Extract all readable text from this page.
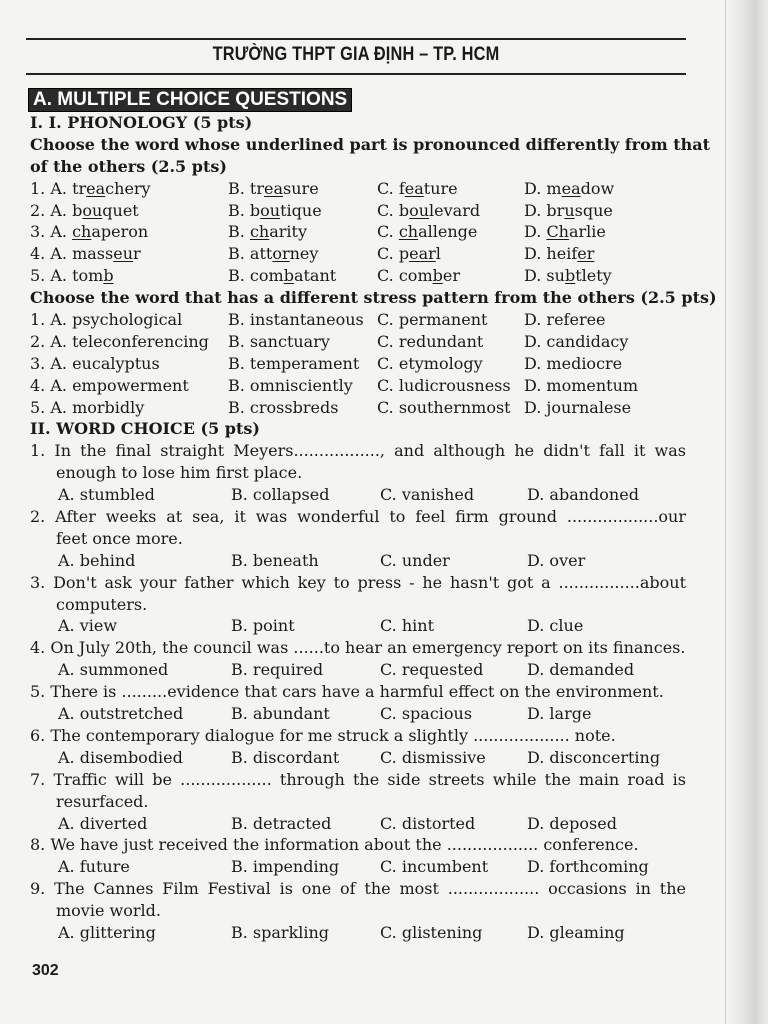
TRƯỜNG THPT GIA ĐỊNH – TP. HCM
A. MULTIPLE CHOICE QUESTIONS
I. I. PHONOLOGY (5 pts)
Choose the word whose underlined part is pronounced differently from that
of the others (2.5 pts)
1. A. treachery	B. treasure	C. feature	D. meadow
2. A. bouquet	B. boutique	C. boulevard	D. brusque
3. A. chaperon	B. charity	C. challenge	D. Charlie
4. A. masseur	B. attorney	C. pearl	D. heifer
5. A. tomb	B. combatant	C. comber	D. subtlety
Choose the word that has a different stress pattern from the others (2.5 pts)
1. A. psychological	B. instantaneous C. permanent D. referee
2. A. teleconferencing B. sanctuary	C. redundant	D. candidacy
3. A. eucalyptus	B. temperament C. etymology	D. mediocre
4. A. empowerment B. omnisciently C. ludicrousness D. momentum
5. A. morbidly	B. crossbreds C. southernmost D. journalese
II. WORD CHOICE (5 pts)
1. In the final straight Meyers................., and although he didn't fall it was
enough to lose him first place.
A. stumbled	B. collapsed	C. vanished	D. abandoned
2. After weeks at sea, it was wonderful to feel firm ground ..................our
feet once more.
A. behind	B. beneath	C. under	D. over
3. Don't ask your father which key to press - he hasn't got a ................about
computers.
A. view	B. point	C. hint	D. clue
4. On July 20th, the council was ......to hear an emergency report on its finances.
A. summoned	B. required	C. requested	D. demanded
5. There is .........evidence that cars have a harmful effect on the environment.
A. outstretched	B. abundant	C. spacious	D. large
6. The contemporary dialogue for me struck a slightly ................... note.
A. disembodied	B. discordant	C. dismissive	D. disconcerting
7. Traffic will be .................. through the side streets while the main road is
resurfaced.
A. diverted	B. detracted	C. distorted	D. deposed
8. We have just received the information about the .................. conference.
A. future	B. impending	C. incumbent D. forthcoming
9. The Cannes Film Festival is one of the most .................. occasions in the
movie world.
A. glittering	B. sparkling	C. glistening	D. gleaming
302
